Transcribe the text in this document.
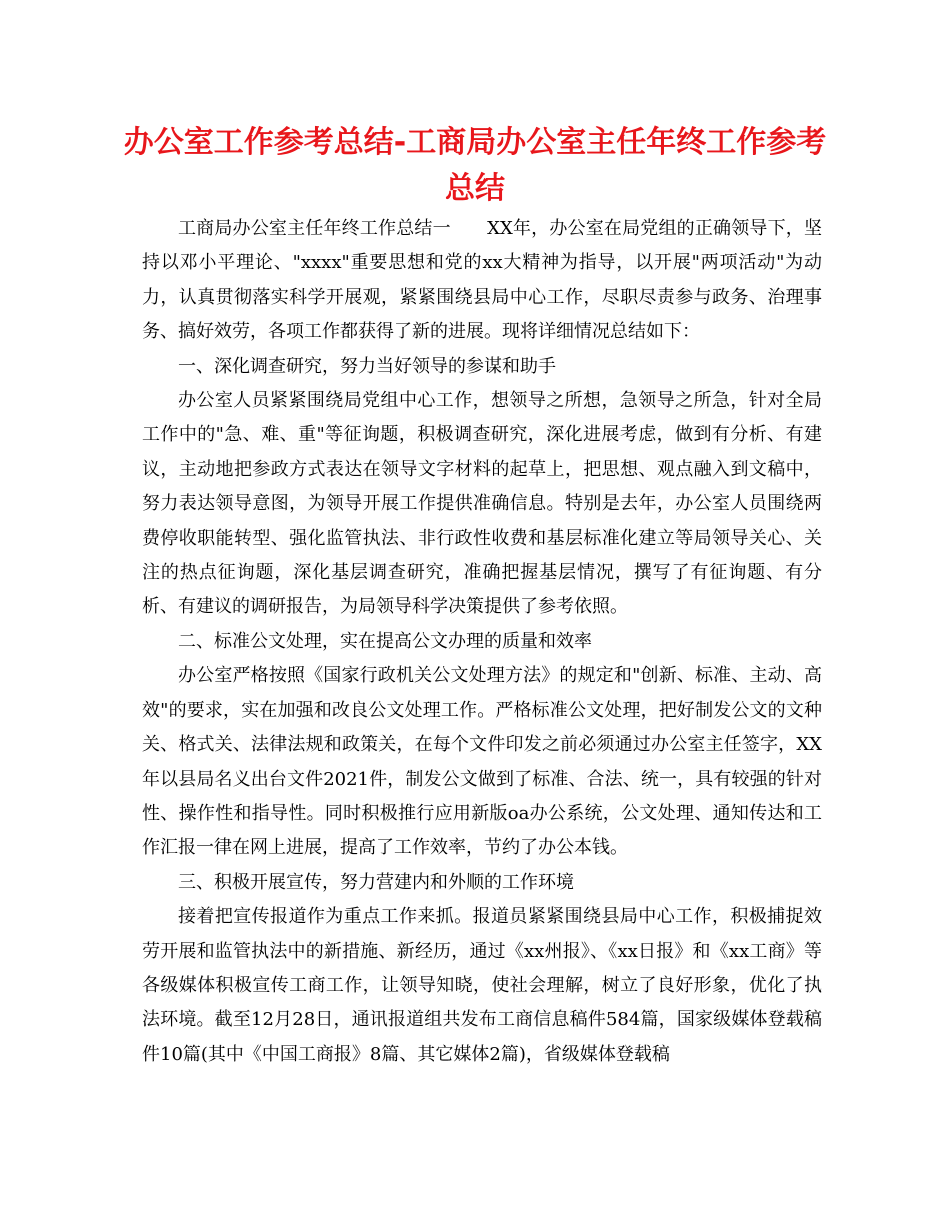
办公室工作参考总结-工商局办公室主任年终工作参考总结

工商局办公室主任年终工作总结一　　XX年，办公室在局党组的正确领导下，坚持以邓小平理论、"xxxx"重要思想和党的xx大精神为指导，以开展"两项活动"为动力，认真贯彻落实科学开展观，紧紧围绕县局中心工作，尽职尽责参与政务、治理事务、搞好效劳，各项工作都获得了新的进展。现将详细情况总结如下：

一、深化调查研究，努力当好领导的参谋和助手

办公室人员紧紧围绕局党组中心工作，想领导之所想，急领导之所急，针对全局工作中的"急、难、重"等征询题，积极调查研究，深化进展考虑，做到有分析、有建议，主动地把参政方式表达在领导文字材料的起草上，把思想、观点融入到文稿中，努力表达领导意图，为领导开展工作提供准确信息。特别是去年，办公室人员围绕两费停收职能转型、强化监管执法、非行政性收费和基层标准化建立等局领导关心、关注的热点征询题，深化基层调查研究，准确把握基层情况，撰写了有征询题、有分析、有建议的调研报告，为局领导科学决策提供了参考依照。

二、标准公文处理，实在提高公文办理的质量和效率

办公室严格按照《国家行政机关公文处理方法》的规定和"创新、标准、主动、高效"的要求，实在加强和改良公文处理工作。严格标准公文处理，把好制发公文的文种关、格式关、法律法规和政策关，在每个文件印发之前必须通过办公室主任签字，XX年以县局名义出台文件2021件，制发公文做到了标准、合法、统一，具有较强的针对性、操作性和指导性。同时积极推行应用新版oa办公系统，公文处理、通知传达和工作汇报一律在网上进展，提高了工作效率，节约了办公本钱。

三、积极开展宣传，努力营建内和外顺的工作环境

接着把宣传报道作为重点工作来抓。报道员紧紧围绕县局中心工作，积极捕捉效劳开展和监管执法中的新措施、新经历，通过《xx州报》、《xx日报》和《xx工商》等各级媒体积极宣传工商工作，让领导知晓，使社会理解，树立了良好形象，优化了执法环境。截至12月28日，通讯报道组共发布工商信息稿件584篇，国家级媒体登载稿件10篇(其中《中国工商报》8篇、其它媒体2篇)，省级媒体登载稿
